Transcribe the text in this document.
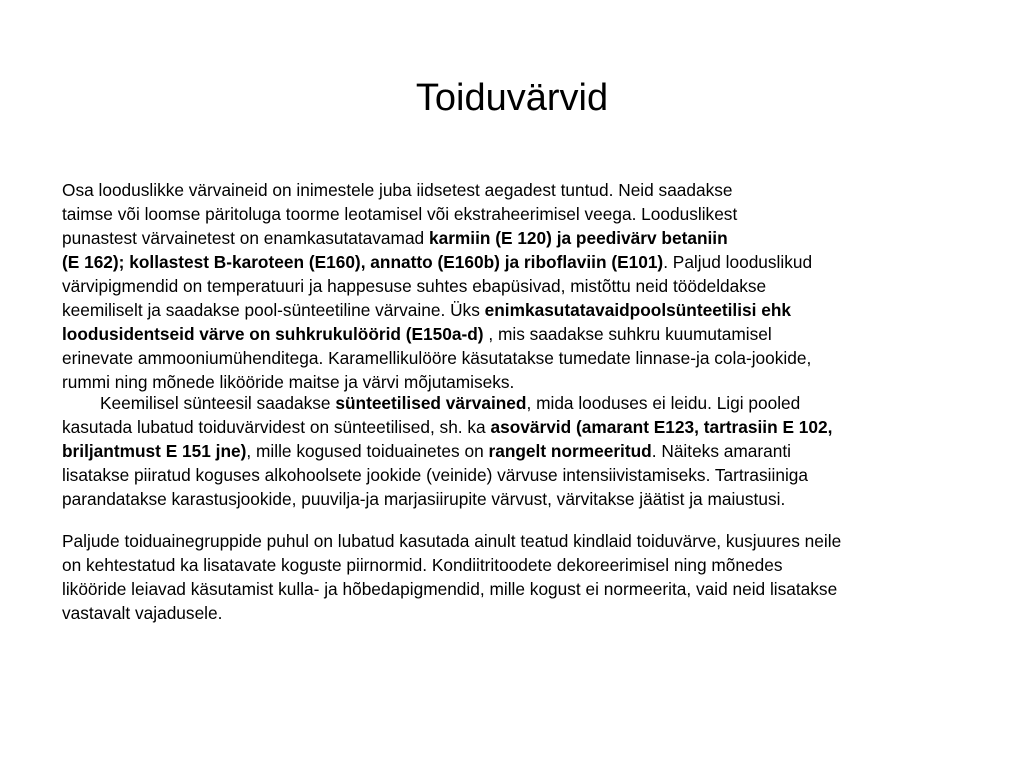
Toiduvärvid
Osa looduslikke värvaineid on inimestele juba iidsetest aegadest tuntud. Neid saadakse
taimse või loomse päritoluga toorme leotamisel või ekstraheerimisel veega. Looduslikest
punastest värvainetest on enamkasutatavamad karmiin (E 120) ja peedivärv betaniin
(E 162); kollastest B-karoteen (E160), annatto (E160b) ja riboflaviin (E101). Paljud looduslikud
värvipigmendid on temperatuuri ja happesuse suhtes ebapüsivad, mistõttu neid töödeldakse
keemiliselt ja saadakse pool-sünteetiline värvaine. Üks enimkasutatavaidpoolsünteetilisi ehk
loodusidentseid värve on suhkrukulöörid (E150a-d) , mis saadakse suhkru kuumutamisel
erinevate ammooniumühenditega. Karamellikulööre käsutatakse tumedate linnase-ja cola-jookide,
rummi ning mõnede likööride maitse ja värvi mõjutamiseks.
Keemilisel sünteesil saadakse sünteetilised värvained, mida looduses ei leidu. Ligi pooled
kasutada lubatud toiduvärvidest on sünteetilised, sh. ka asovärvid (amarant E123, tartrasiin E 102,
briljantmust E 151 jne), mille kogused toiduainetes on rangelt normeeritud. Näiteks amaranti
lisatakse piiratud koguses alkohoolsete jookide (veinide) värvuse intensiivistamiseks. Tartrasiiniga
parandatakse karastusjookide, puuvilja-ja marjasiirupite värvust, värvitakse jäätist ja maiustusi.
Paljude toiduainegruppide puhul on lubatud kasutada ainult teatud kindlaid toiduvärve, kusjuures neile
on kehtestatud ka lisatavate koguste piirnormid. Kondiitritoodete dekoreerimisel ning mõnedes
likööride leiavad käsutamist kulla- ja hõbedapigmendid, mille kogust ei normeerita, vaid neid lisatakse
vastavalt vajadusele.
